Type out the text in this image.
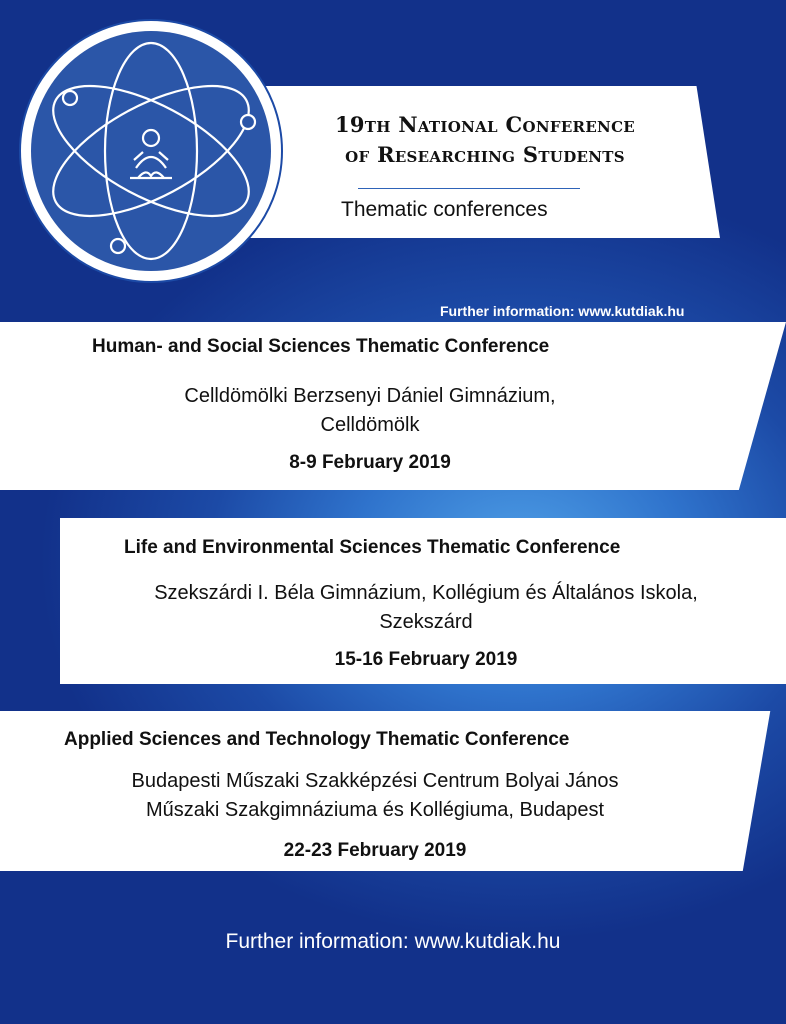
19th National Conference
of Researching Students
Thematic conferences
Further information: www.kutdiak.hu
Human- and Social Sciences Thematic Conference
Celldömölki Berzsenyi Dániel Gimnázium,
Celldömölk
8-9 February 2019
Life and Environmental Sciences Thematic Conference
Szekszárdi I. Béla Gimnázium, Kollégium és Általános Iskola,
Szekszárd
15-16 February 2019
Applied Sciences and Technology Thematic Conference
Budapesti Műszaki Szakképzési Centrum Bolyai János
Műszaki Szakgimnáziuma és Kollégiuma, Budapest
22-23 February 2019
Further information: www.kutdiak.hu
